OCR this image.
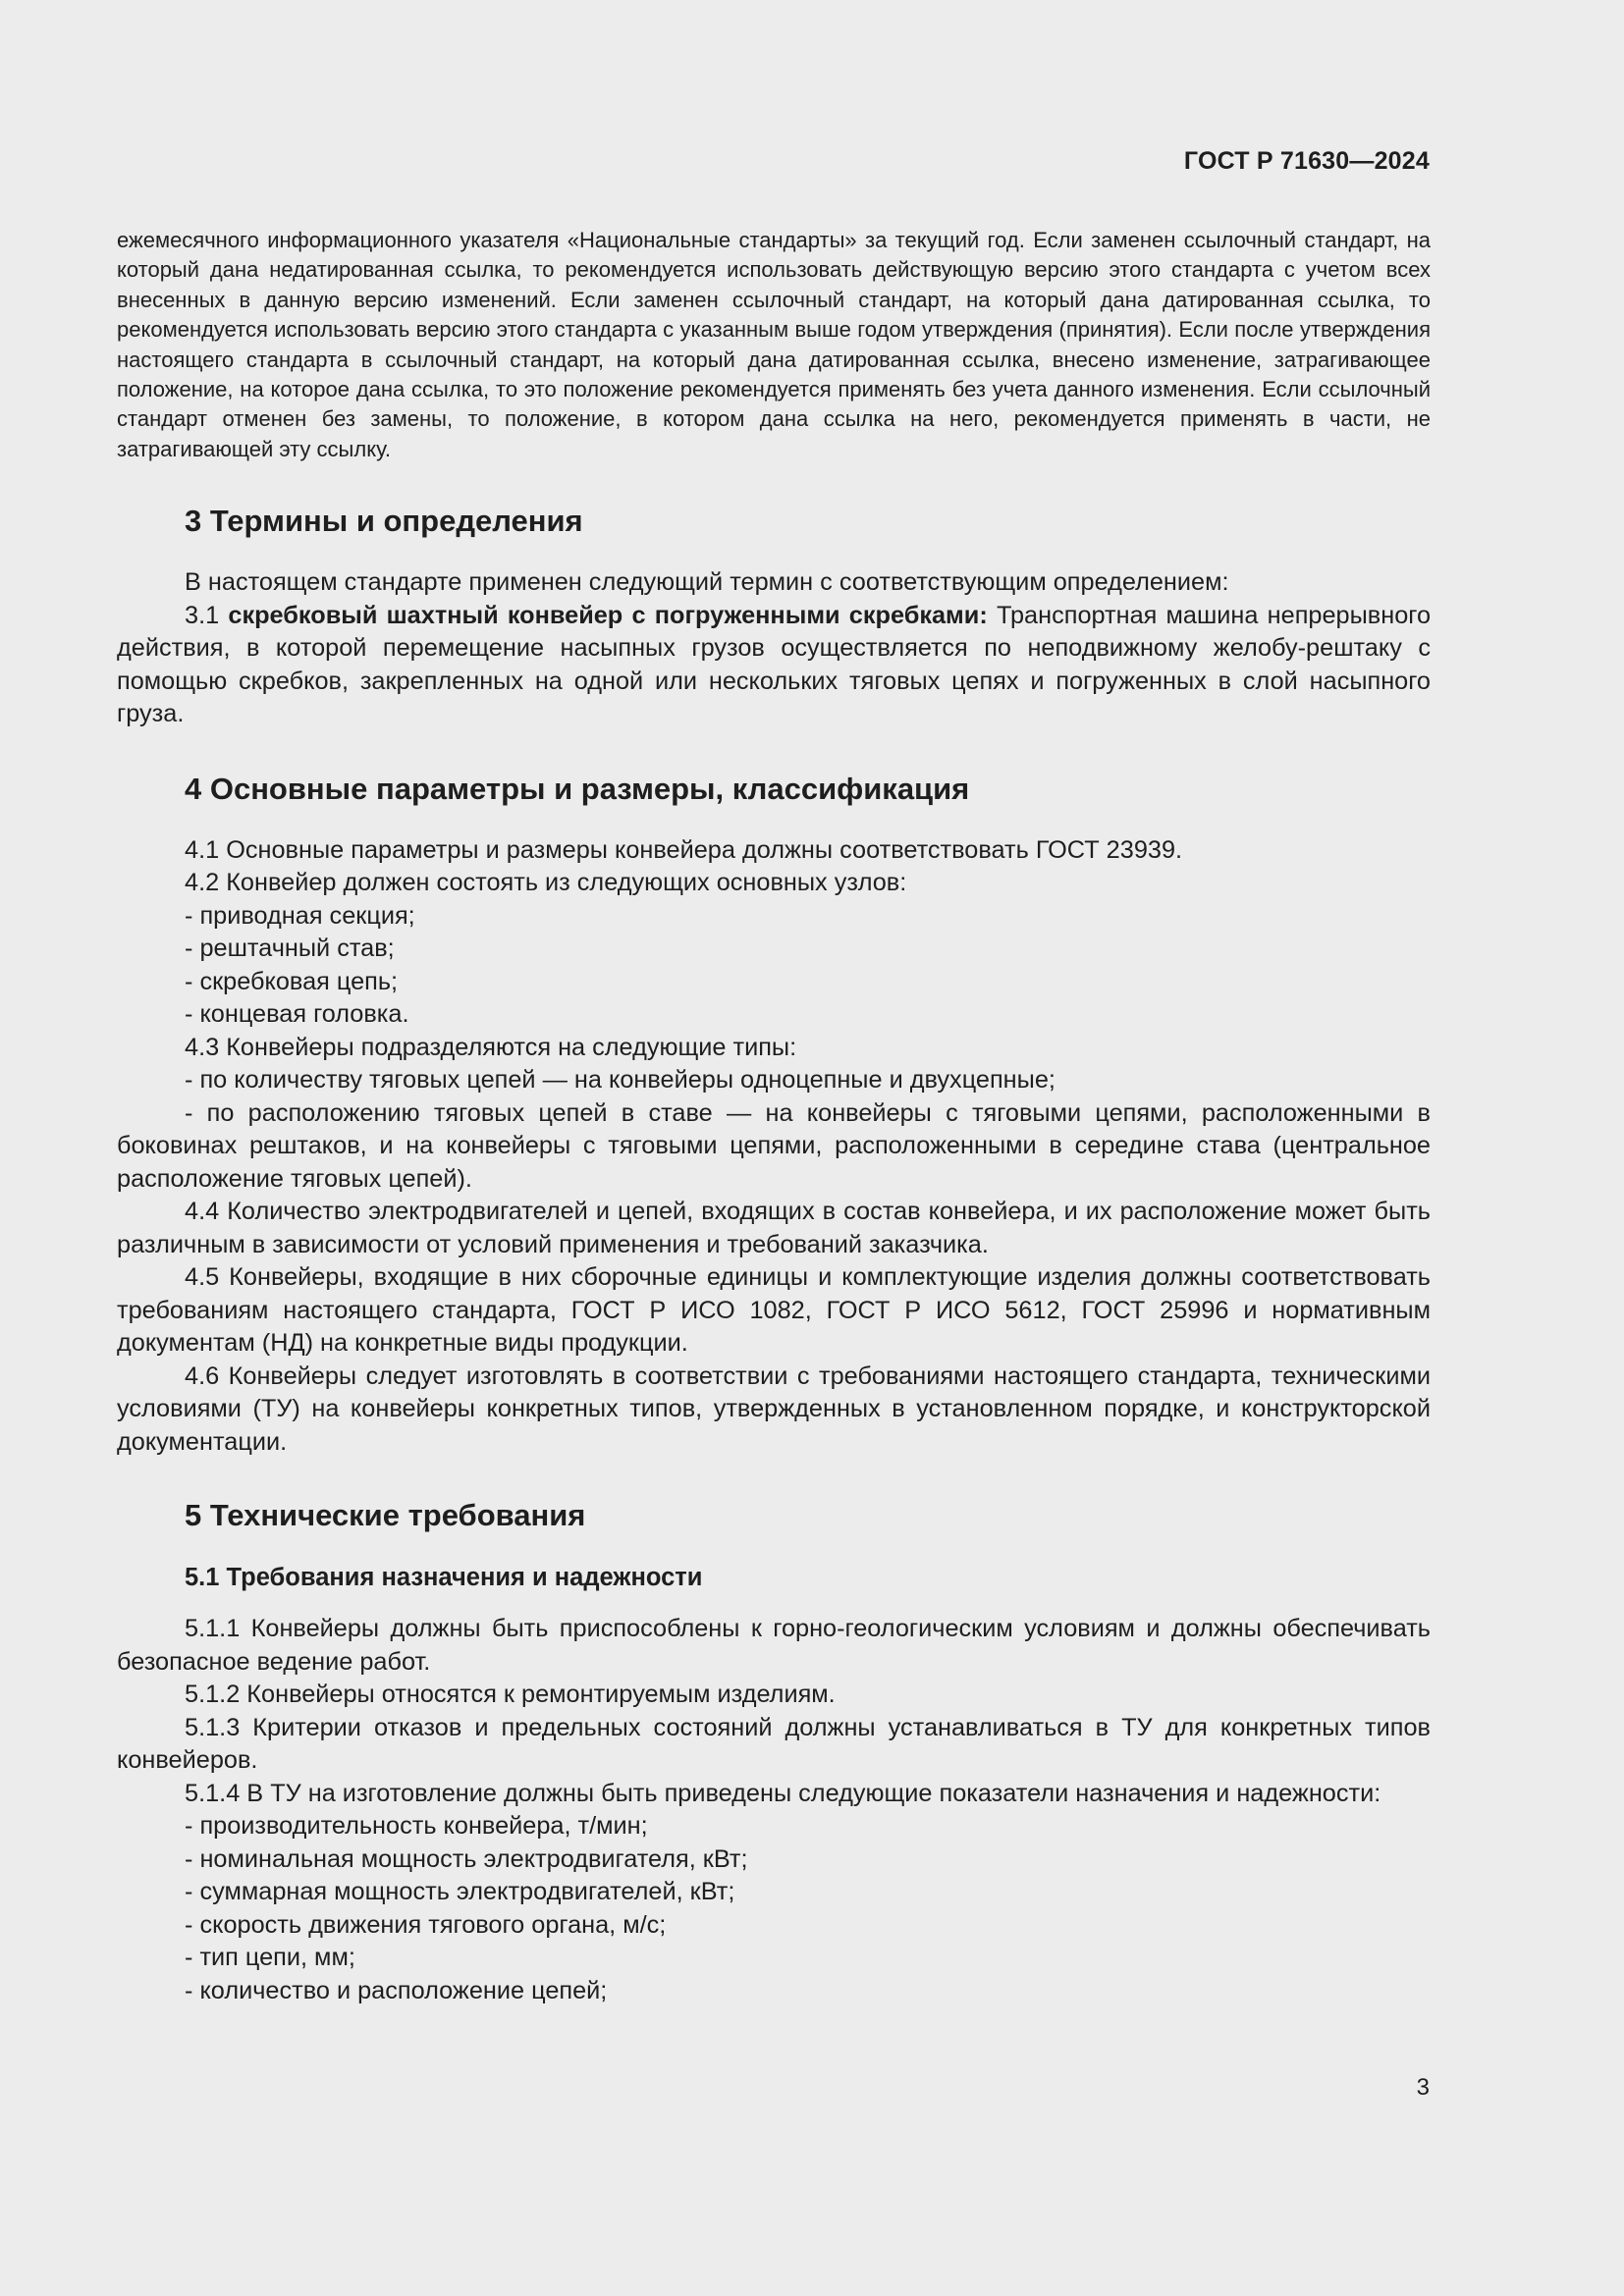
ГОСТ Р 71630—2024

ежемесячного информационного указателя «Национальные стандарты» за текущий год. Если заменен ссылочный стандарт, на который дана недатированная ссылка, то рекомендуется использовать действующую версию этого стандарта с учетом всех внесенных в данную версию изменений. Если заменен ссылочный стандарт, на который дана датированная ссылка, то рекомендуется использовать версию этого стандарта с указанным выше годом утверждения (принятия). Если после утверждения настоящего стандарта в ссылочный стандарт, на который дана датированная ссылка, внесено изменение, затрагивающее положение, на которое дана ссылка, то это положение рекомендуется применять без учета данного изменения. Если ссылочный стандарт отменен без замены, то положение, в котором дана ссылка на него, рекомендуется применять в части, не затрагивающей эту ссылку.

3 Термины и определения

В настоящем стандарте применен следующий термин с соответствующим определением:

3.1 скребковый шахтный конвейер с погруженными скребками: Транспортная машина непрерывного действия, в которой перемещение насыпных грузов осуществляется по неподвижному желобу-рештаку с помощью скребков, закрепленных на одной или нескольких тяговых цепях и погруженных в слой насыпного груза.

4 Основные параметры и размеры, классификация

4.1 Основные параметры и размеры конвейера должны соответствовать ГОСТ 23939.

4.2 Конвейер должен состоять из следующих основных узлов:

- приводная секция;

- рештачный став;

- скребковая цепь;

- концевая головка.

4.3 Конвейеры подразделяются на следующие типы:

- по количеству тяговых цепей — на конвейеры одноцепные и двухцепные;

- по расположению тяговых цепей в ставе — на конвейеры с тяговыми цепями, расположенными в боковинах рештаков, и на конвейеры с тяговыми цепями, расположенными в середине става (центральное расположение тяговых цепей).

4.4 Количество электродвигателей и цепей, входящих в состав конвейера, и их расположение может быть различным в зависимости от условий применения и требований заказчика.

4.5 Конвейеры, входящие в них сборочные единицы и комплектующие изделия должны соответствовать требованиям настоящего стандарта, ГОСТ Р ИСО 1082, ГОСТ Р ИСО 5612, ГОСТ 25996 и нормативным документам (НД) на конкретные виды продукции.

4.6 Конвейеры следует изготовлять в соответствии с требованиями настоящего стандарта, техническими условиями (ТУ) на конвейеры конкретных типов, утвержденных в установленном порядке, и конструкторской документации.

5 Технические требования
5.1 Требования назначения и надежности

5.1.1 Конвейеры должны быть приспособлены к горно-геологическим условиям и должны обеспечивать безопасное ведение работ.

5.1.2 Конвейеры относятся к ремонтируемым изделиям.

5.1.3 Критерии отказов и предельных состояний должны устанавливаться в ТУ для конкретных типов конвейеров.

5.1.4 В ТУ на изготовление должны быть приведены следующие показатели назначения и надежности:

- производительность конвейера, т/мин;

- номинальная мощность электродвигателя, кВт;

- суммарная мощность электродвигателей, кВт;

- скорость движения тягового органа, м/с;

- тип цепи, мм;

- количество и расположение цепей;

3
